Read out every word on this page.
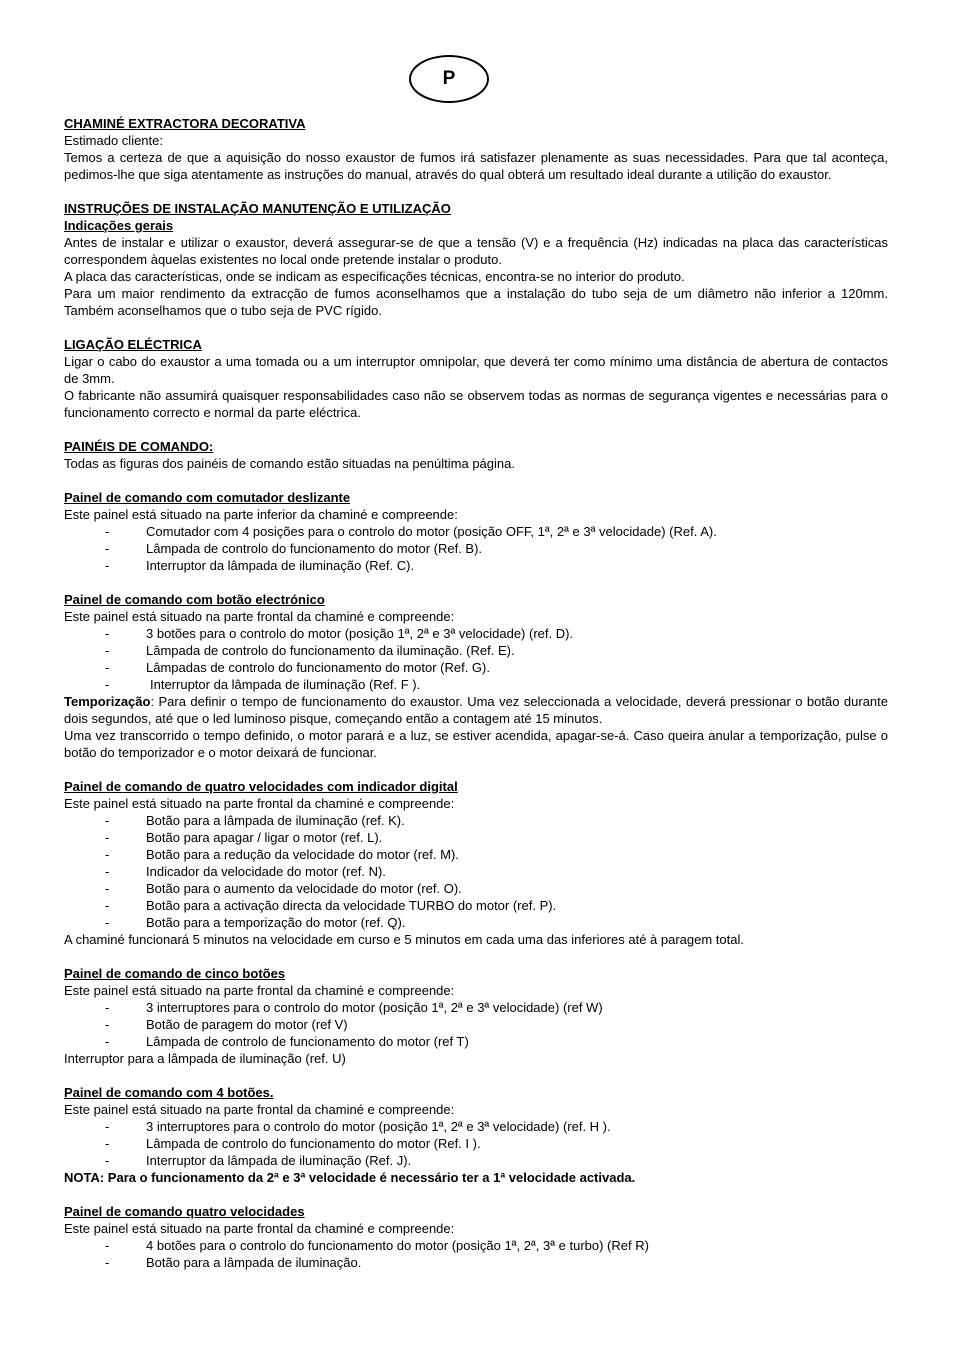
P
CHAMINÉ EXTRACTORA DECORATIVA
Estimado cliente:
Temos a certeza de que a aquisição do nosso exaustor de fumos irá satisfazer plenamente as suas necessidades. Para que tal aconteça, pedimos-lhe que siga atentamente as instruções do manual, através do qual obterá um resultado ideal durante a utilição do exaustor.
INSTRUÇÕES DE INSTALAÇÃO MANUTENÇÃO E UTILIZAÇÃO
Indicações gerais
Antes de instalar e utilizar o exaustor, deverá assegurar-se de que a tensão (V) e a frequência (Hz) indicadas na placa das características correspondem àquelas existentes no local onde pretende instalar o produto.
A placa das características, onde se indicam as especificações técnicas, encontra-se no interior do produto.
Para um maior rendimento da extracção de fumos aconselhamos que a instalação do tubo seja de um diâmetro não inferior a 120mm. Também aconselhamos que o tubo seja de PVC rígido.
LIGAÇÃO ELÉCTRICA
Ligar o cabo do exaustor a uma tomada ou a um interruptor omnipolar, que deverá ter como mínimo uma distância de abertura de contactos de 3mm.
O fabricante não assumirá quaisquer responsabilidades caso não se observem todas as normas de segurança vigentes e necessárias para o funcionamento correcto e normal da parte eléctrica.
PAINÉIS DE COMANDO:
Todas as figuras dos painéis de comando estão situadas na penúltima página.
Painel de comando com comutador deslizante
Este painel está situado na parte inferior da chaminé e compreende:
-	Comutador com 4 posições para o controlo do motor (posição OFF, 1ª, 2ª e 3ª velocidade) (Ref. A).
-	Lâmpada de controlo do funcionamento do motor (Ref. B).
-	Interruptor da lâmpada de iluminação (Ref. C).
Painel de comando com botão electrónico
Este painel está situado na parte frontal da chaminé e compreende:
-	3 botões para o controlo do motor (posição 1ª, 2ª e 3ª velocidade) (ref. D).
-	Lâmpada de controlo do funcionamento da iluminação. (Ref. E).
-	Lâmpadas de controlo do funcionamento do motor (Ref. G).
-	Interruptor da lâmpada de iluminação (Ref. F ).
Temporização: Para definir o tempo de funcionamento do exaustor. Uma vez seleccionada a velocidade, deverá pressionar o botão durante dois segundos, até que o led luminoso pisque, começando então a contagem até 15 minutos.
Uma vez transcorrido o tempo definido, o motor parará e a luz, se estiver acendida, apagar-se-á. Caso queira anular a temporização, pulse o botão do temporizador e o motor deixará de funcionar.
Painel de comando de quatro velocidades com indicador digital
Este painel está situado na parte frontal da chaminé e compreende:
-	Botão para a lâmpada de iluminação (ref. K).
-	Botão para apagar / ligar o motor (ref. L).
-	Botão para a redução da velocidade do motor (ref. M).
-	Indicador da velocidade do motor (ref. N).
-	Botão para o aumento da velocidade do motor (ref. O).
-	Botão para a activação directa da velocidade TURBO do motor (ref. P).
-	Botão para a temporização do motor (ref. Q).
A chaminé funcionará 5 minutos na velocidade em curso e 5 minutos em cada uma das inferiores até à paragem total.
Painel de comando de cinco botões
Este painel está situado na parte frontal da chaminé e compreende:
-	3 interruptores para o controlo do motor (posição 1ª, 2ª e 3ª velocidade) (ref W)
-	Botão de paragem do motor (ref V)
-	Lâmpada de controlo de funcionamento do motor (ref T)
Interruptor para a lâmpada de iluminação (ref. U)
Painel de comando com 4 botões.
Este painel está situado na parte frontal da chaminé e compreende:
-	3 interruptores para o controlo do motor (posição 1ª, 2ª e 3ª velocidade) (ref. H ).
-	Lâmpada de controlo do funcionamento do motor (Ref. I ).
-	Interruptor da lâmpada de iluminação (Ref. J).
NOTA: Para o funcionamento da 2ª e 3ª velocidade é necessário ter a 1ª velocidade activada.
Painel de comando quatro velocidades
Este painel está situado na parte frontal da chaminé e compreende:
-	4 botões para o controlo do funcionamento do motor (posição 1ª, 2ª, 3ª e turbo) (Ref R)
-	Botão para a lâmpada de iluminação.
